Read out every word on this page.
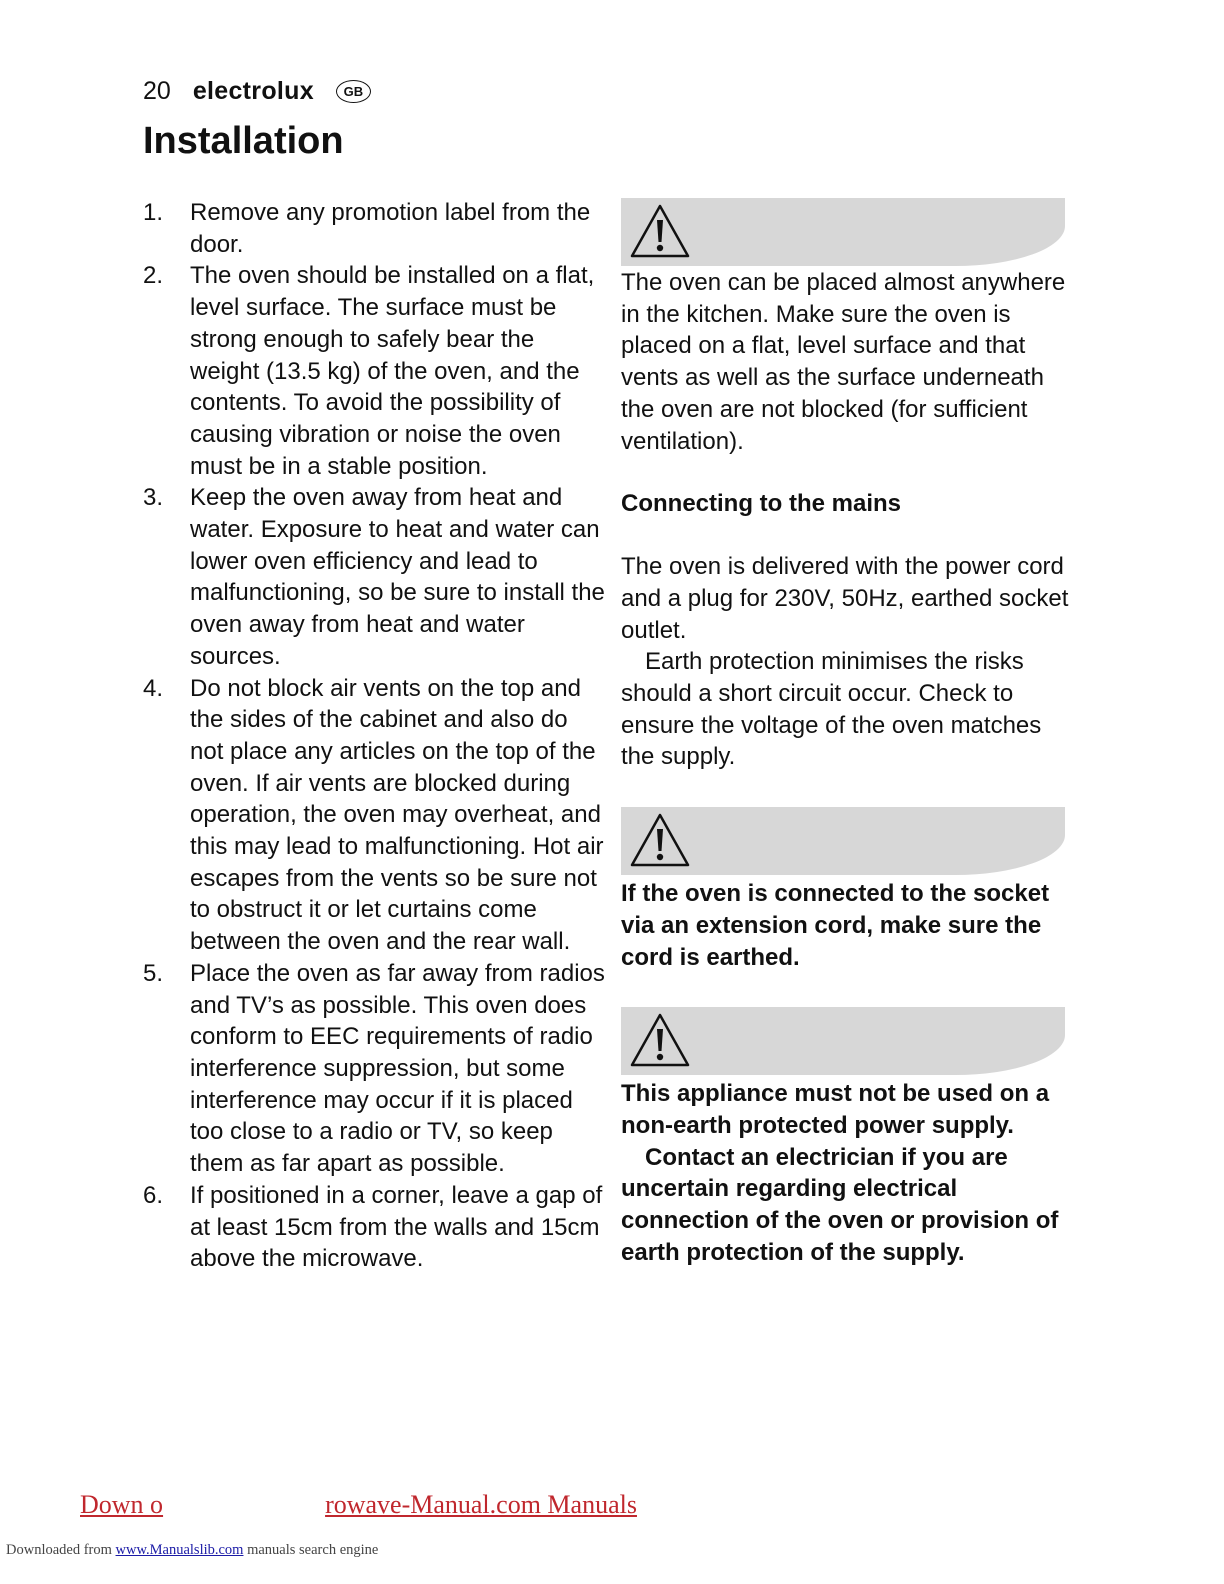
20 electrolux	GB
Installation
1.	Remove any promotion label from the door.
2.	The oven should be installed on a flat, level surface. The surface must be strong enough to safely bear the weight (13.5 kg) of the oven, and the contents. To avoid the possibility of causing vibration or noise the oven must be in a stable position.
3.	Keep the oven away from heat and water. Exposure to heat and water can lower oven efficiency and lead to malfunctioning, so be sure to install the oven away from heat and water sources.
4.	Do not block air vents on the top and the sides of the cabinet and also do not place any articles on the top of the oven. If air vents are blocked during operation, the oven may overheat, and this may lead to malfunctioning. Hot air escapes from the vents so be sure not to obstruct it or let curtains come between the oven and the rear wall.
5.	Place the oven as far away from radios and TV’s as possible. This oven does conform to EEC requirements of radio interference suppression, but some interference may occur if it is placed too close to a radio or TV, so keep them as far apart as possible.
6.	If positioned in a corner, leave a gap of at least 15cm from the walls and 15cm above the microwave.

The oven can be placed almost anywhere in the kitchen. Make sure the oven is placed on a flat, level surface and that vents as well as the surface underneath the oven are not blocked (for sufficient ventilation).

Connecting to the mains

The oven is delivered with the power cord and a plug for 230V, 50Hz, earthed socket outlet.

Earth protection minimises the risks should a short circuit occur. Check to ensure the voltage of the oven matches the supply.

If the oven is connected to the socket via an extension cord, make sure the cord is earthed.

This appliance must not be used on a non-earth protected power supply.

Contact an electrician if you are uncertain regarding electrical connection of the oven or provision of earth protection of the supply.

Down o	rowave-Manual.com Manuals
Downloaded from www.Manualslib.com manuals search engine
